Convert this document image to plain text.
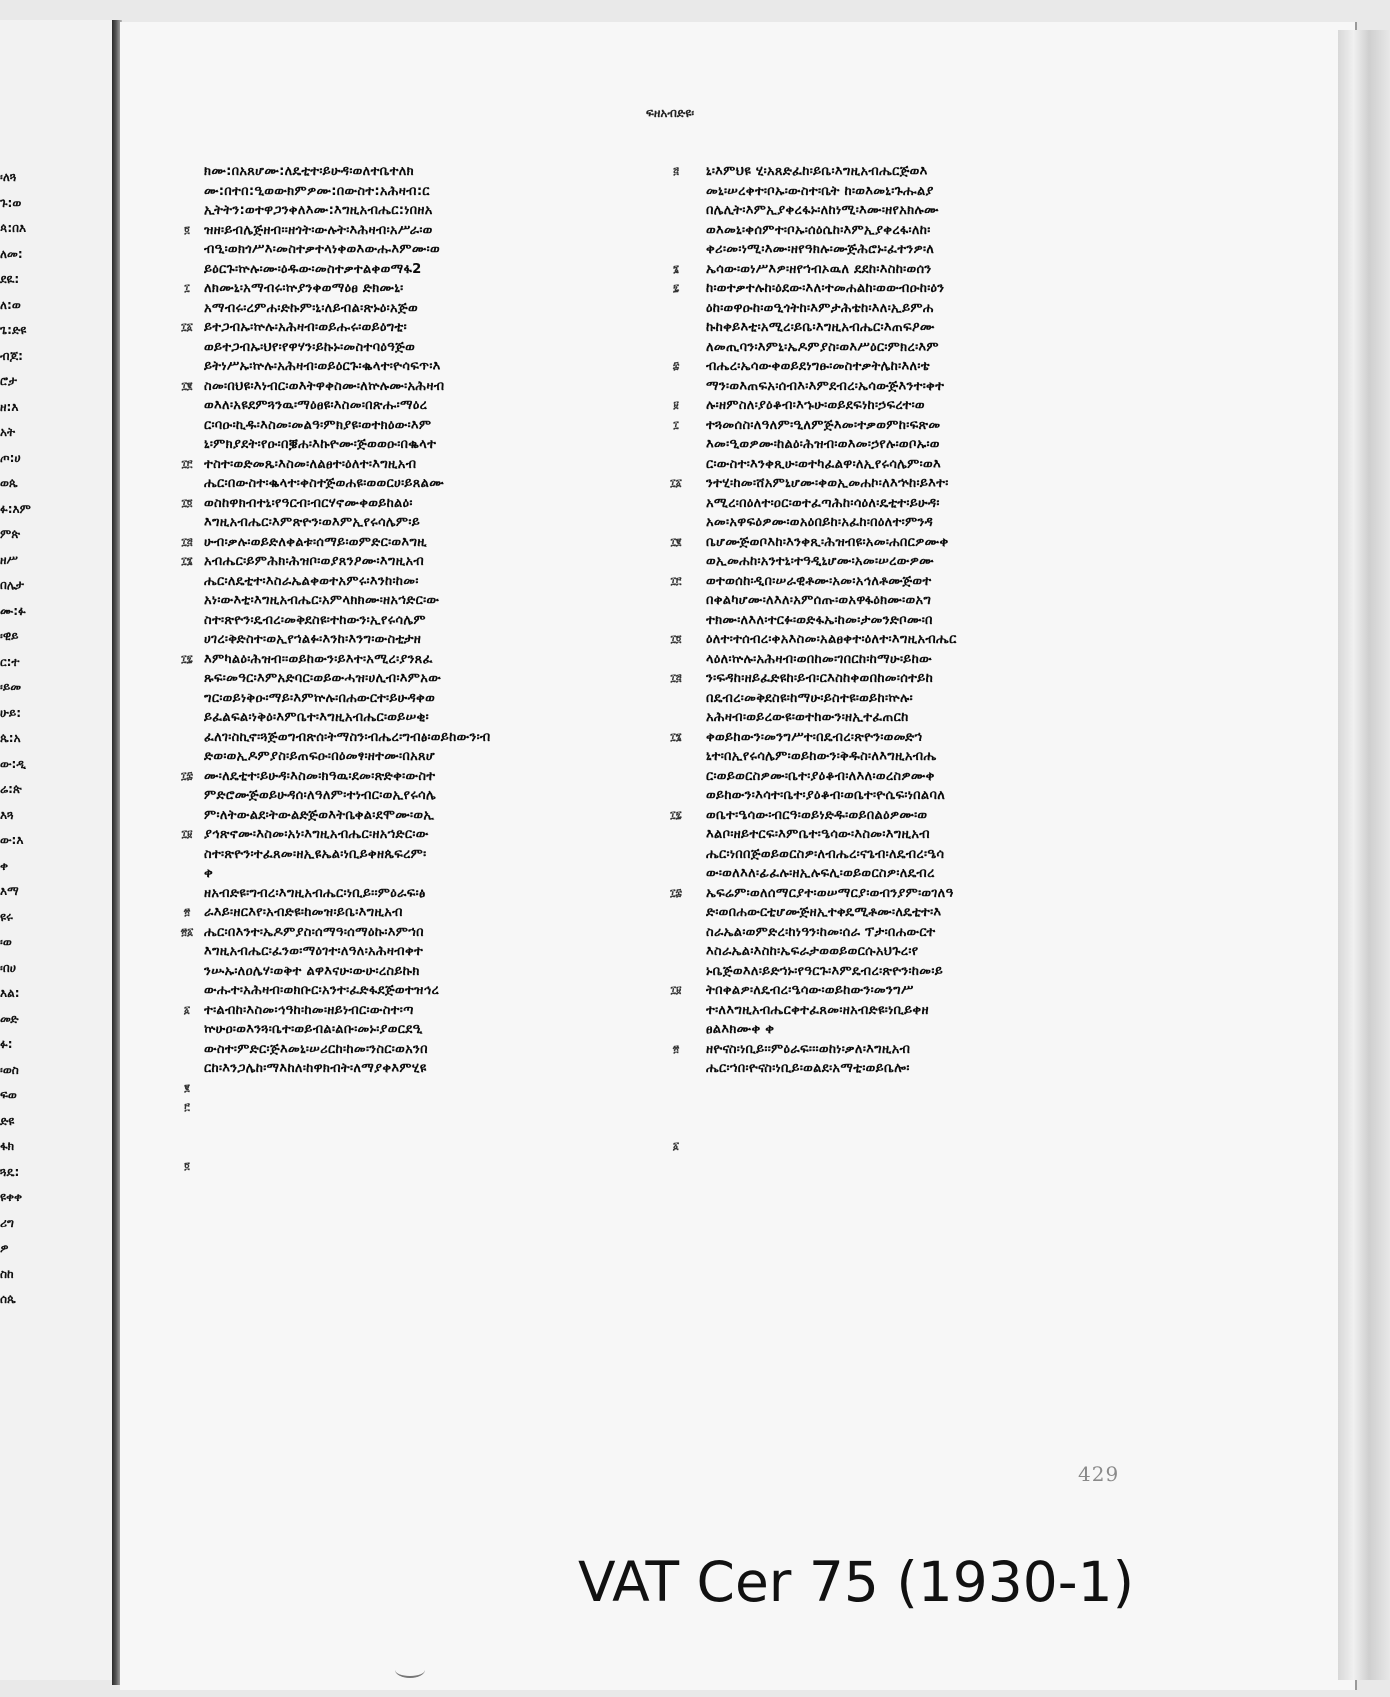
፡ለጓ
ጉ:ወ
ጳ:በእ
ለመ:
ደዪ:
ለ:ወ
ጌ:ድዩ
ብጆ:
ሮታ
ዘ:እ
አት
ጦ:ሀ
ወጴ
ፉ:እም
ምጵ
ዘሥ
በሌታ
ሙ:ፉ
፡ዊይ
ር:ተ
፡ይመ
ሁይ:
ጴ:አ
ው:ዲ
ሬ:ጵ
እጓ
ው:እ
ቀ
እማ
ዩሩ
፡ወ
፡በሀ
እል:
መድ
ፉ:
፡ወስ
ፍወ
ድዩ
ፋክ
ጓዴ:
ዩቀቀ
ሪግ
ዎ
ስከ
ሰጴ
ፍዘአብድዩ፡
ክሙ:በአጸሆሙ:ለዴቲተ፡ይሁዳ፡ወለተቤተለክ
ሙ:በተበ:ዒወውክምዎሙ:በውስተ:አሕዛብ:ር
ኢትትን:ወተዋጋንቀለእሙ:እግዚአብሔር:ነበዘአ
ዝዘ፡ይብሌጅዘብ፡፡ዘጎት፡ውሉት፡እሕዛብ፡አሥራ፡ወ
ብዒ፡ወክጎሥእ፡መስተቃተላነቀወእውሑእምሙ፡ወ
ይዕርጉ፡ኵሉ፡ሙ፡ዕዱው፡መስተቃተልቀወማፋ2
ለክሙኒ፡አማብሩ፡ኵያንቀወማዕፀ ድክሙኒ፡
አማብሩ፡ረምሐ፡ድኩም፡ኒ፡ለይብል፡ጽኑዕ፡አጅወ
ይተጋብኡ፡ኵሉ፡አሕዛብ፡ወይሑሩ፡ወይዕግቲ፡
ወይተጋብኡ፡ህየ፡የዋሃን፡ይኩኑ፡መስተባዕዓጅወ
ይትነሥኡ፡ኵሉ፡አሕዛብ፡ወይዕርጉ፡ቈላተ፡ዮሳፍጥ፡እ
ስመ፡በህዩ፡እነብር፡ወእትዋቀስሙ፡ለኵሉሙ፡አሕዛብ
ወእለ፡አዩደምጓንዉ፡ማዕፀዩ፡እስመ፡በጽሑ፡ማዕረ
ር፡ባዑ፡ኪዱ፡እስመ፡መልዓ፡ምክያዩ፡ወተክዕው፡እም
ኒ፡ምክያደት፡የዑ፡በቜሐ፡እኩዮሙ፡ጅወወዑ፡በቈላተ
ተስተ፡ወድመጼ፡እስመ፡ለልፀተ፡ዕለተ፡እግዚአብ
ሔር፡በውስተ፡ቈላተ፡ቀስተጅወሐዩ፡ወወርሀ፡ይጸልሙ
ወስከዋክብተኒ፡የዓርብ፡ብርሃኖሙቀወይከልዕ፡
እግዚአብሔር፡እምጽዮን፡ወእምኢየሩሳሌም፡ይ
ሁብ፡ቃሉ፡ወይድለቀልቱ፡ሰማይ፡ወምድር፡ወእግዚ
አብሔር፡ይምሕክ፡ሕዝቦ፡ወያጸንዖሙ፡እግዚአብ
ሔር፡ለዴቲተ፡እስራኤልቀወተአምሩ፡እንከ፡ከመ፡
አነ፡ውእቲ፡እግዚአብሔር፡አምላክክሙ፡ዘአኀድር፡ው
ስተ፡ጽዮን፡ዴብረ፡መቅደስዩ፡ተከውን፡ኢየሩሳሌም
ሀገረ፡ቅድስተ፡ወኢየኀልፉ፡እንከ፡እንግ፡ውስቲታዘ
እምካልዕ፡ሕዝብ፡፡ወይከውን፡ይእተ፡አሚረ፡ያንጸፈ
ጹፍ፡መዓር፡እምአድባር፡ወይውሓዝ፡ሀሊብ፡እምአው
ግር፡ወይነቅዑ፡ማይ፡እምኵሉ፡በሐውርተ፡ይሁዳቀወ
ይፈልፍል፡ነቅዕ፡እምቤተ፡እግዚአብሔር፡ወይሠቂ፡
ፈለገ፡ስኪኖ፡ጓጅወግብጽሰ፡ትማስን፡ብሔረ፡ግብፅ፡ወይከውን፡ብ
ድወ፡ወኢዶምያስ፡ይጠፍዑ፡በዕመፃ፡ዘተሙ፡በአጸሆ
ሙ፡ለዴቲተ፡ይሁዳ፡እስመ፡ክዓዉ፡ደመ፡ጽድቀ፡ውስተ
ምድሮሙጅወይሁዳሰ፡ለዓለም፡ተነብር፡ወኢየሩሳሌ
ም፡ለትውልደ፡ትውልድጅወእትቤቀል፡ደሞሙ፡ወኢ
ያኅጽኖሙ፡እስመ፡አነ፡እግዚአብሔር፡ዘአኀድር፡ው
ስተ፡ጽዮን፡ተፈጸመ፡ዘኢዩኤል፡ነቢይቀዘጴፍረም፡
ቀ
ዘአብድዩ፡ግብረ፡እግዚአብሔር፡ነቢይ፡፡ምዕራፍ፡ፅ
ራእይ፡ዘርእየ፡አብድዩ፡ከመዝ፡ይቤ፡እግዚአብ
ሔር፡በእንተ፡ኤዶምያስ፡ሰማዓ፡ሰማዕኩ፡እምኀበ
እግዚአብሔር፡ፈንወ፡ማዕገተ፡ለዓለ፡አሕዛብቀተ
ንሡኡ፡ለዐሌሃ፡ወቅተ ልዋእናሁ፡ውሁ፡ረስይኩክ
ውሑተ፡አሕዛብ፡ወክቡር፡አንተ፡ፈድፋደጅወተዝኅረ
ተ፡ልብከ፡እስመ፡ኅዓከ፡ከመ፡ዘይነብር፡ውስተ፡ጣ
ኵሁዐ፡ወእንጓ፡ቤተ፡ወይብል፡ልቡ፡መኑ፡ያወርደዒ
ውስተ፡ምድር፡ጅእመኒ፡ሠሪርከ፡ከመ፡ንስር፡ወአንበ
ርከ፡እንጋሌከ፡ማእከለ፡ከዋክብት፡ለማያቀእምሂዩ
ኒ፡እምህዩ ሂ፡አጸድፈከ፡ይቤ፡እግዚአብሔርጅወእ
መኒ፡ሠረቀተ፡ቦኡ፡ውስተ፡ቤት ከ፡ወእመኒ፡ጉሑልያ
በሌሊት፡እምኢያቀረፋኑ፡ለከነሚ፡እሙ፡ዘየአክሉሙ
ወእመኒ፡ቀሰምተ፡ቦኡ፡ሰዕሴከ፡እምኢያቀረፋ፡ለከ፡
ቀሪ፡መ፡ነሚ፡እሙ፡ዘየዓክሉ፡ሙጅሕሮኑ፡ፈተንዎ፡ለ
ኤሳው፡ወነሥእዎ፡ዘየኀብኦዉለ ደደከ፡እስከ፡ወሰን
ከ፡ወተቃተሉከ፡ዕደው፡እለ፡ተመሐልከ፡ወውብዑከ፡ዕን
ዕከ፡ወዋዑከ፡ወዒጎትከ፡እምታሕቴከ፡እለ፡ኢይምሐ
ኩከቀይእቲ፡አሚረ፡ይቤ፡እግዚአብሔር፡እጠፍዖሙ
ለመጢባን፡እምኒ፡ኤዶምያስ፡ወእሥዕር፡ምክረ፡እም
ብሔረ፡ኤሳውቀወይደነግፁ፡መስተቃትሌከ፡እለ፡ቴ
ማን፡ወእጠፍአ፡ሰብእ፡እምደብረ፡ኤሳውጅእንተ፡ቀተ
ሉ፡ዘምስለ፡ያዕቆብ፡እኁሁ፡ወይደፍነከ፡ኃፍረተ፡ወ
ተጓመሰስ፡ለዓለም፡ዒለምጅእመ፡ተቃወምከ፡ፍጽመ
እመ፡ዒወዎሙ፡ከልዕ፡ሕዝብ፡ወእመ፡ኃየሉ፡ወቦኡ፡ወ
ር፡ውስተ፡እንቀጺሁ፡ወተካፈልዋ፡ለኢየሩሳሌም፡ወእ
ንተሂ፡ከመ፡ሸአምኒሆሙ፡ቀወኢመሐኮ፡ለእኍከ፡ይእተ፡
አሚረ፡በዕለተ፡ዐር፡ወተፈጣሕከ፡ሳዕለ፡ዴቲተ፡ይሁዳ፡
አመ፡አዋፍዕዎሙ፡ወአዕበይከ፡አፈከ፡በዕለተ፡ምንዳ
ቤሆሙጅወቦእከ፡እንቀጺ፡ሕዝብዩ፡አመ፡ሐበርዎሙቀ
ወኢመሐከ፡አንተኒ፡ተዓዲኒሆሙ፡አመ፡ሠረውዎሙ
ወተወሰከ፡ዲበ፡ሠራዊቶሙ፡አመ፡አኅለቶሙጅወተ
በቀልካሆሙ፡ለእለ፡አምሰጡ፡ወአዋፋዕክሙ፡ወአግ
ተክሙ፡ለእለ፡ተርፉ፡ወድፋኤ፡ከመ፡ታመንድቦሙ፡በ
ዕለተ፡ተሰብረ፡ቀአእስመ፡አልፀቀተ፡ዕለተ፡እግዚአብሔር
ላዕለ፡ኵሉ፡አሕዛብ፡ወበከመ፡ገበርከ፡ከማሁ፡ይከው
ን፡ፍዳከ፡ዘይፈድዩከ፡ይብ፡ርእስከቀወበከመ፡ሰተይከ
በዴብረ፡መቅደስዩ፡ከማሁ፡ይስተዩ፡ወይከ፡ኵሉ፡
አሕዛብ፡ወይረውዩ፡ወተከውን፡ዘኢተፈጠርከ
ቀወይከውን፡መንግሥተ፡በዴብረ፡ጽዮን፡ወመድኀ
ኒተ፡በኢየሩሳሌም፡ወይከውን፡ቅዱስ፡ለእግዚአብሔ
ር፡ወይወርስዎሙ፡ቤተ፡ያዕቆብ፡ለእለ፡ወረስዎሙቀ
ወይከውን፡እሳተ፡ቤተ፡ያዕቆብ፡ወቤተ፡ዮሴፍ፡ነበልባለ
ወቤተ፡ዔሳው፡ብርዓ፡ወይነድዱ፡ወይበልዕዎሙ፡ወ
እልቦ፡ዘይተርፍ፡እምቤተ፡ዔሳው፡እስመ፡እግዚአብ
ሔር፡ነበበጅወይወርስዎ፡ለብሔረ፡ናጌብ፡ለዴብረ፡ዔሳ
ው፡ወለእለ፡ፊፈሉ፡ዘኢሉፍሊ፡ወይወርስዎ፡ለዴብረ
ኤፍሬም፡ወለሰማርያተ፡ወሠማርያ፡ወብንያም፡ወገለዓ
ድ፡ወበሐውርቲሆሙጅዘኢተቀዴሚቶሙ፡ለዴቲተ፡እ
ስራኤል፡ወምድረ፡ከነዓን፡ከመ፡ሰራ ፕታ፡በሐውርተ
እስራኤል፡እስከ፡ኤፍራታወወይወርሱአህጉረ፡የ
ኑቤጅወእለ፡ይድኀኑ፡የዓርጉ፡እምዴብረ፡ጽዮን፡ከመ፡ይ
ትበቀልዎ፡ለዴብረ፡ዔሳው፡ወይከውን፡መንግሥ
ተ፡ለእግዚአብሔርቀተፈጸመ፡ዘአብድዩ፡ነቢይቀዘ
ፀልእክሙቀ ቀ
ዘዮናስ፡ነቢይ፡፡ምዕራፍ፡፡፡ወከነ፡ቃለ፡እግዚአብ
ሔር፡ኀበ፡ዮናስ፡ነቢይ፡ወልደ፡አማቲ፡ወይቤሎ፡
፬
፲
፲፩
፲፪
፲፫
፲፬
፲፭
፲፮
፲፯
፲፰
፲፱
፳
፳፩
፩
፪
፫
፬
፭
፮
፯
፰
፱
፲
፲፩
፲፪
፲፫
፲፬
፲፭
፲፮
፲፯
፲፰
፲፱
፳
፩
429
VAT Cer 75 (1930-1)
